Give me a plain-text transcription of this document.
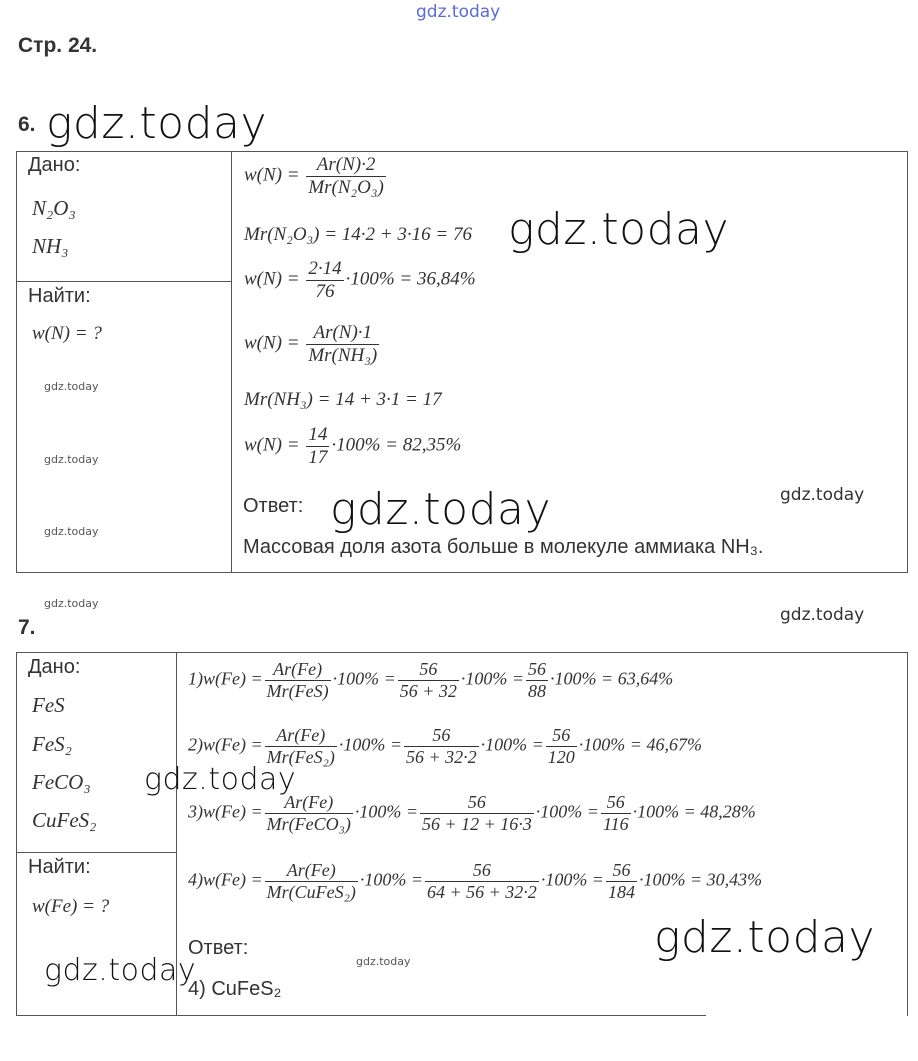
gdz.today
Стр. 24.
6. gdz.today
Дано:
N₂O₃
NH₃
Найти:
w(N) = ?
gdz.today
gdz.today
gdz.today
$w(N) = \frac{Ar(N)\cdot 2}{\text{Mr(N₂O₃)}}$
Mr(N₂O₃) = 14·2 + 3·16 = 76 gdz.today
$w(N) = \frac{2\cdot 14}{76} \cdot 100\% = 36,84\%$
$w(N) = \frac{Ar(N)\cdot 1}{\text{Mr(NH₃)}}$
Mr(NH₃) = 14 + 3·1 = 17
$w(N) = \frac{14}{17} \cdot 100\% = 82,35\%$
Ответ: gdz.today	gdz.today
Массовая доля азота больше в молекуле аммиака NH₃.
gdz.today
gdz.today
7.
Дано:
FeS
FeS₂
FeCO₃
CuFeS₂
gdz.today
Найти:
w(Fe) = ?
gdz.today
$1)w(Fe) = \frac{Ar(Fe)}{\text{Mr(FeS)}} \cdot 100\% = \frac{56}{56 + 32} \cdot 100\% = \frac{56}{88} \cdot 100\% = 63,64\%$
$2)w(Fe) = \frac{Ar(Fe)}{\text{Mr(FeS₂)}} \cdot 100\% = \frac{56}{56 + 32\cdot 2} \cdot 100\% = \frac{56}{120} \cdot 100\% = 46,67\%$
$3)w(Fe) = \frac{Ar(Fe)}{\text{Mr(FeCO₃)}} \cdot 100\% = \frac{56}{56 + 12 + 16\cdot 3} \cdot 100\% = \frac{56}{116} \cdot 100\% = 48,28\%$
$4)w(Fe) = \frac{Ar(Fe)}{\text{Mr(CuFeS₂)}} \cdot 100\% = \frac{56}{64 + 56 + 32\cdot 2} \cdot 100\% = \frac{56}{184} \cdot 100\% = 30,43\%$
Ответ:
gdz.today	gdz.today
4) CuFeS₂
